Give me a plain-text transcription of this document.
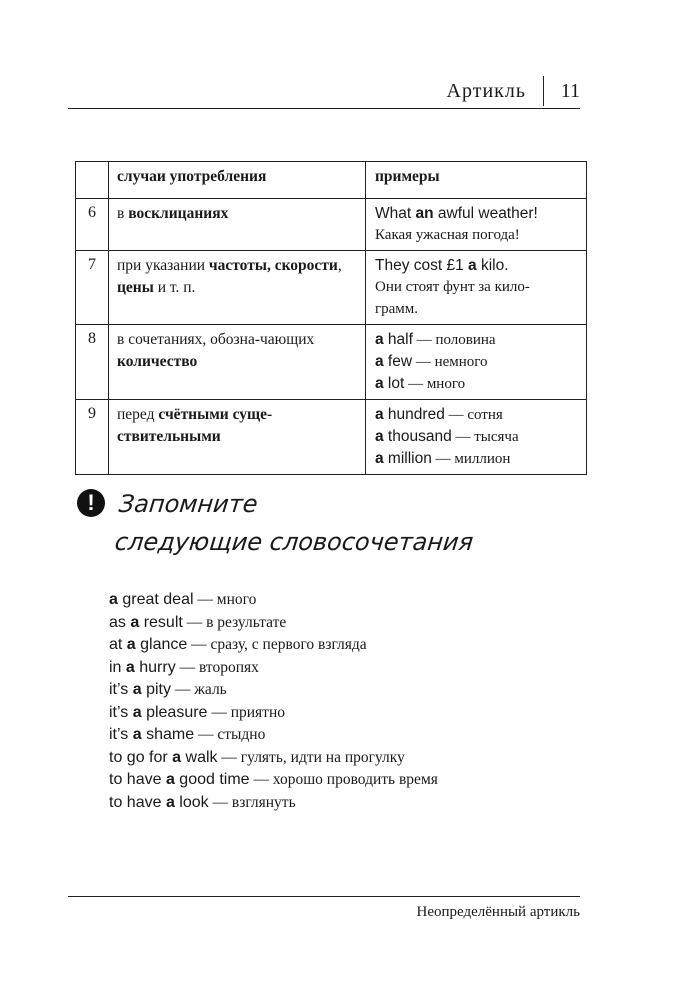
Артикль 11
	случаи употребления	примеры
6	в восклицаниях	What an awful weather!
Какая ужасная погода!

7	при указании частоты, скорости, цены и т. п.	They cost £1 a kilo.
Они стоят фунт за кило-
грамм.

8	в сочетаниях, обозна-чающих количество	a half — половина
a few — немного
a lot — много

9	перед счётными суще-ствительными	a hundred — сотня
a thousand — тысяча
a million — миллион
! Запомните
следующие словосочетания
a great deal — много
as a result — в результате
at a glance — сразу, с первого взгляда
in a hurry — второпях
it’s a pity — жаль
it’s a pleasure — приятно
it’s a shame — стыдно
to go for a walk — гулять, идти на прогулку
to have a good time — хорошо проводить время
to have a look — взглянуть
Неопределённый артикль
